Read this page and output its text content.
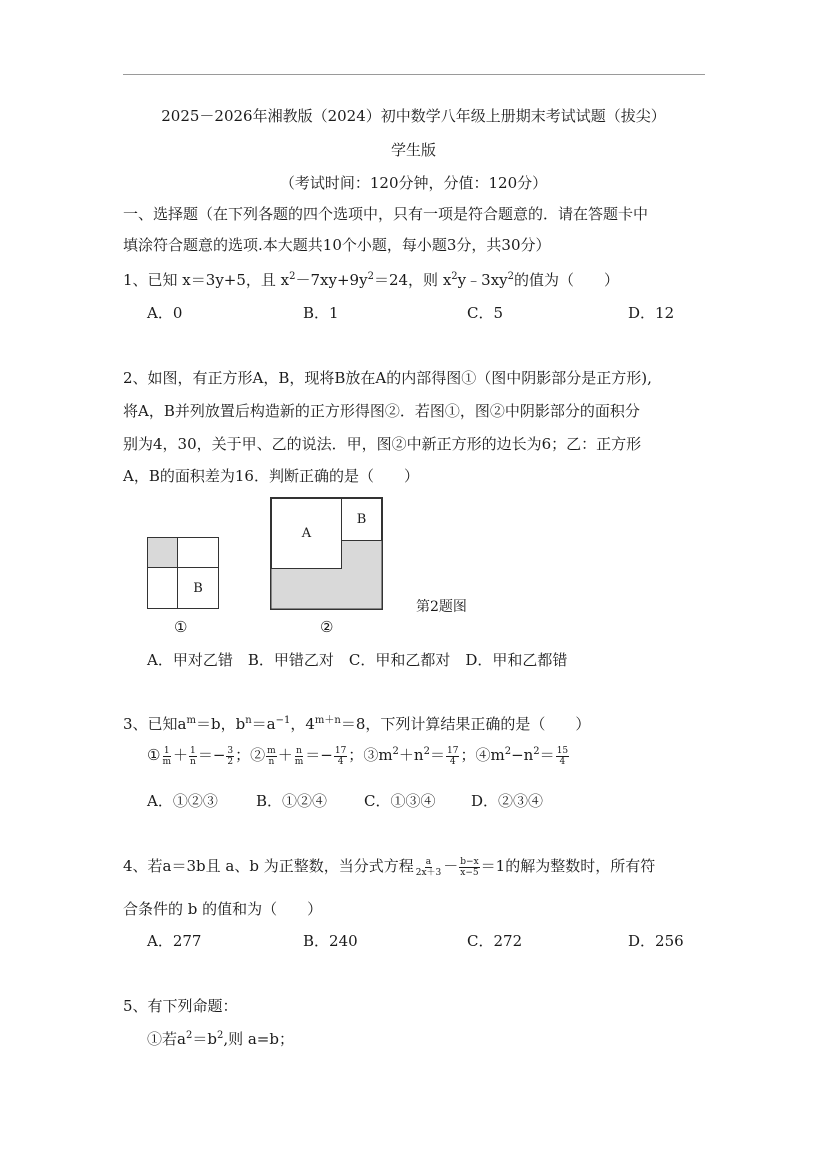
2025－2026年湘教版（2024）初中数学八年级上册期末考试试题（拔尖）
学生版
（考试时间：120分钟，分值：120分）
一、选择题（在下列各题的四个选项中，只有一项是符合题意的．请在答题卡中
填涂符合题意的选项.本大题共10个小题，每小题3分，共30分）
1、已知 x＝3y+5，且 $x^2-7xy+9y^2=24$，则 $x^2y﹣3xy^2$的值为（　　）
A．0	B．1	C．5	D．12
2、如图，有正方形A，B，现将B放在A的内部得图①（图中阴影部分是正方形),
将A，B并列放置后构造新的正方形得图②．若图①，图②中阴影部分的面积分
别为4，30，关于甲、乙的说法．甲，图②中新正方形的边长为6；乙：正方形
A，B的面积差为16．判断正确的是（　　）
B
①
A
B
②
第2题图
A．甲对乙错　B．甲错乙对　C．甲和乙都对　D．甲和乙都错
3、已知$a^m=b$，$b^n=a^{-1}$，$4^{m+n}=8$，下列计算结果正确的是（　　）
① $\frac{1}{m} + \frac{1}{n} =- \frac{3}{2}$ ；② $\frac{m}{n} + \frac{n}{m} =- \frac{17}{4}$ ；$③m^2+n^2= \frac{17}{4}$ ；$④m^2-n^2= \frac{15}{4}$
A．①②③	B．①②④ C．①③④ D．②③④
4、若a＝3b且 a、b 为正整数，当分式方程 $\frac{a}{2x+3} - \frac{b-x}{x-5} =1$的解为整数时，所有符
合条件的 b 的值和为（　　）
A．277	B．240	C．272	D．256
5、有下列命题：
①若$a^2=b^2$,则 a=b；
